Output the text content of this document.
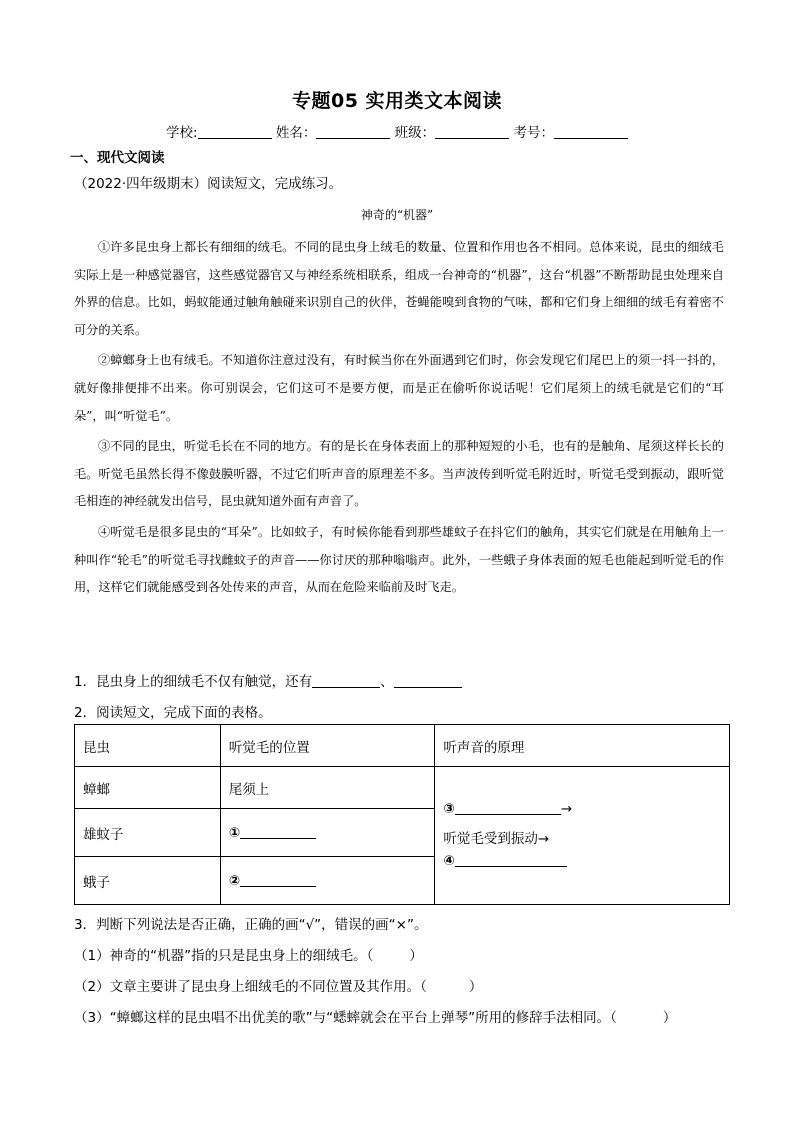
专题05 实用类文本阅读
学校:	姓名：	班级：	考号：
一、现代文阅读
（2022·四年级期末）阅读短文，完成练习。
神奇的“机器”

①许多昆虫身上都长有细细的绒毛。不同的昆虫身上绒毛的数量、位置和作用也各不相同。总体来说，昆虫的细绒毛实际上是一种感觉器官，这些感觉器官又与神经系统相联系，组成一台神奇的“机器”，这台“机器”不断帮助昆虫处理来自外界的信息。比如，蚂蚁能通过触角触碰来识别自己的伙伴，苍蝇能嗅到食物的气味，都和它们身上细细的绒毛有着密不可分的关系。

②蟑螂身上也有绒毛。不知道你注意过没有，有时候当你在外面遇到它们时，你会发现它们尾巴上的须一抖一抖的，就好像排便排不出来。你可别误会，它们这可不是要方便，而是正在偷听你说话呢！它们尾须上的绒毛就是它们的“耳朵”，叫“听觉毛”。

③不同的昆虫，听觉毛长在不同的地方。有的是长在身体表面上的那种短短的小毛，也有的是触角、尾须这样长长的毛。听觉毛虽然长得不像鼓膜听器，不过它们听声音的原理差不多。当声波传到听觉毛附近时，听觉毛受到振动，跟听觉毛相连的神经就发出信号，昆虫就知道外面有声音了。

④听觉毛是很多昆虫的“耳朵”。比如蚊子，有时候你能看到那些雄蚊子在抖它们的触角，其实它们就是在用触角上一种叫作“轮毛”的听觉毛寻找雌蚊子的声音——你讨厌的那种嗡嗡声。此外，一些蛾子身体表面的短毛也能起到听觉毛的作用，这样它们就能感受到各处传来的声音，从而在危险来临前及时飞走。

1．昆虫身上的细绒毛不仅有触觉，还有	、
2．阅读短文，完成下面的表格。
昆虫	听觉毛的位置	听声音的原理
蟑螂	尾须上	③ →
听觉毛受到振动→
④

雄蚊子	①	
蛾子	②	
3．判断下列说法是否正确，正确的画“√”，错误的画“×”。
（1）神奇的“机器”指的只是昆虫身上的细绒毛。（	）
（2）文章主要讲了昆虫身上细绒毛的不同位置及其作用。（	）
（3）“蟑螂这样的昆虫唱不出优美的歌”与“蟋蟀就会在平台上弹琴”所用的修辞手法相同。（	）
